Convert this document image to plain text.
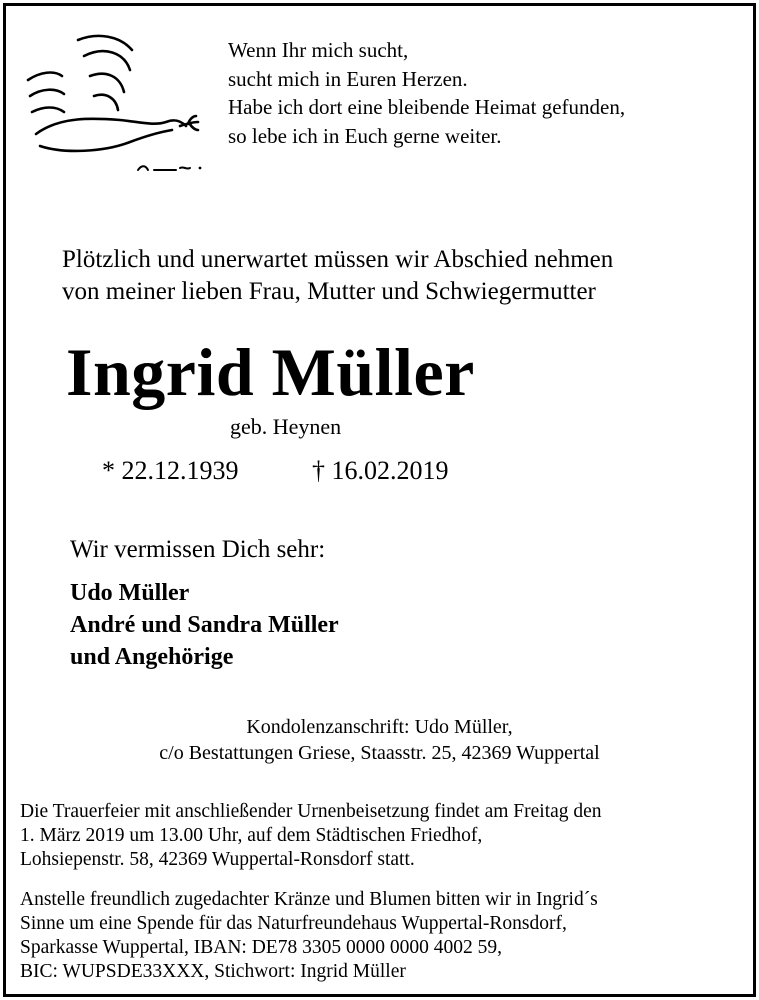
Wenn Ihr mich sucht,
sucht mich in Euren Herzen.
Habe ich dort eine bleibende Heimat gefunden,
so lebe ich in Euch gerne weiter.
Plötzlich und unerwartet müssen wir Abschied nehmen
von meiner lieben Frau, Mutter und Schwiegermutter
Ingrid Müller
geb. Heynen
* 22.12.1939	† 16.02.2019
Wir vermissen Dich sehr:
Udo Müller
André und Sandra Müller
und Angehörige
Kondolenzanschrift: Udo Müller,
c/o Bestattungen Griese, Staasstr. 25, 42369 Wuppertal
Die Trauerfeier mit anschließender Urnenbeisetzung findet am Freitag den
1. März 2019 um 13.00 Uhr, auf dem Städtischen Friedhof,
Lohsiepenstr. 58, 42369 Wuppertal-Ronsdorf statt.
Anstelle freundlich zugedachter Kränze und Blumen bitten wir in Ingrid´s
Sinne um eine Spende für das Naturfreundehaus Wuppertal-Ronsdorf,
Sparkasse Wuppertal, IBAN: DE78 3305 0000 0000 4002 59,
BIC: WUPSDE33XXX, Stichwort: Ingrid Müller
